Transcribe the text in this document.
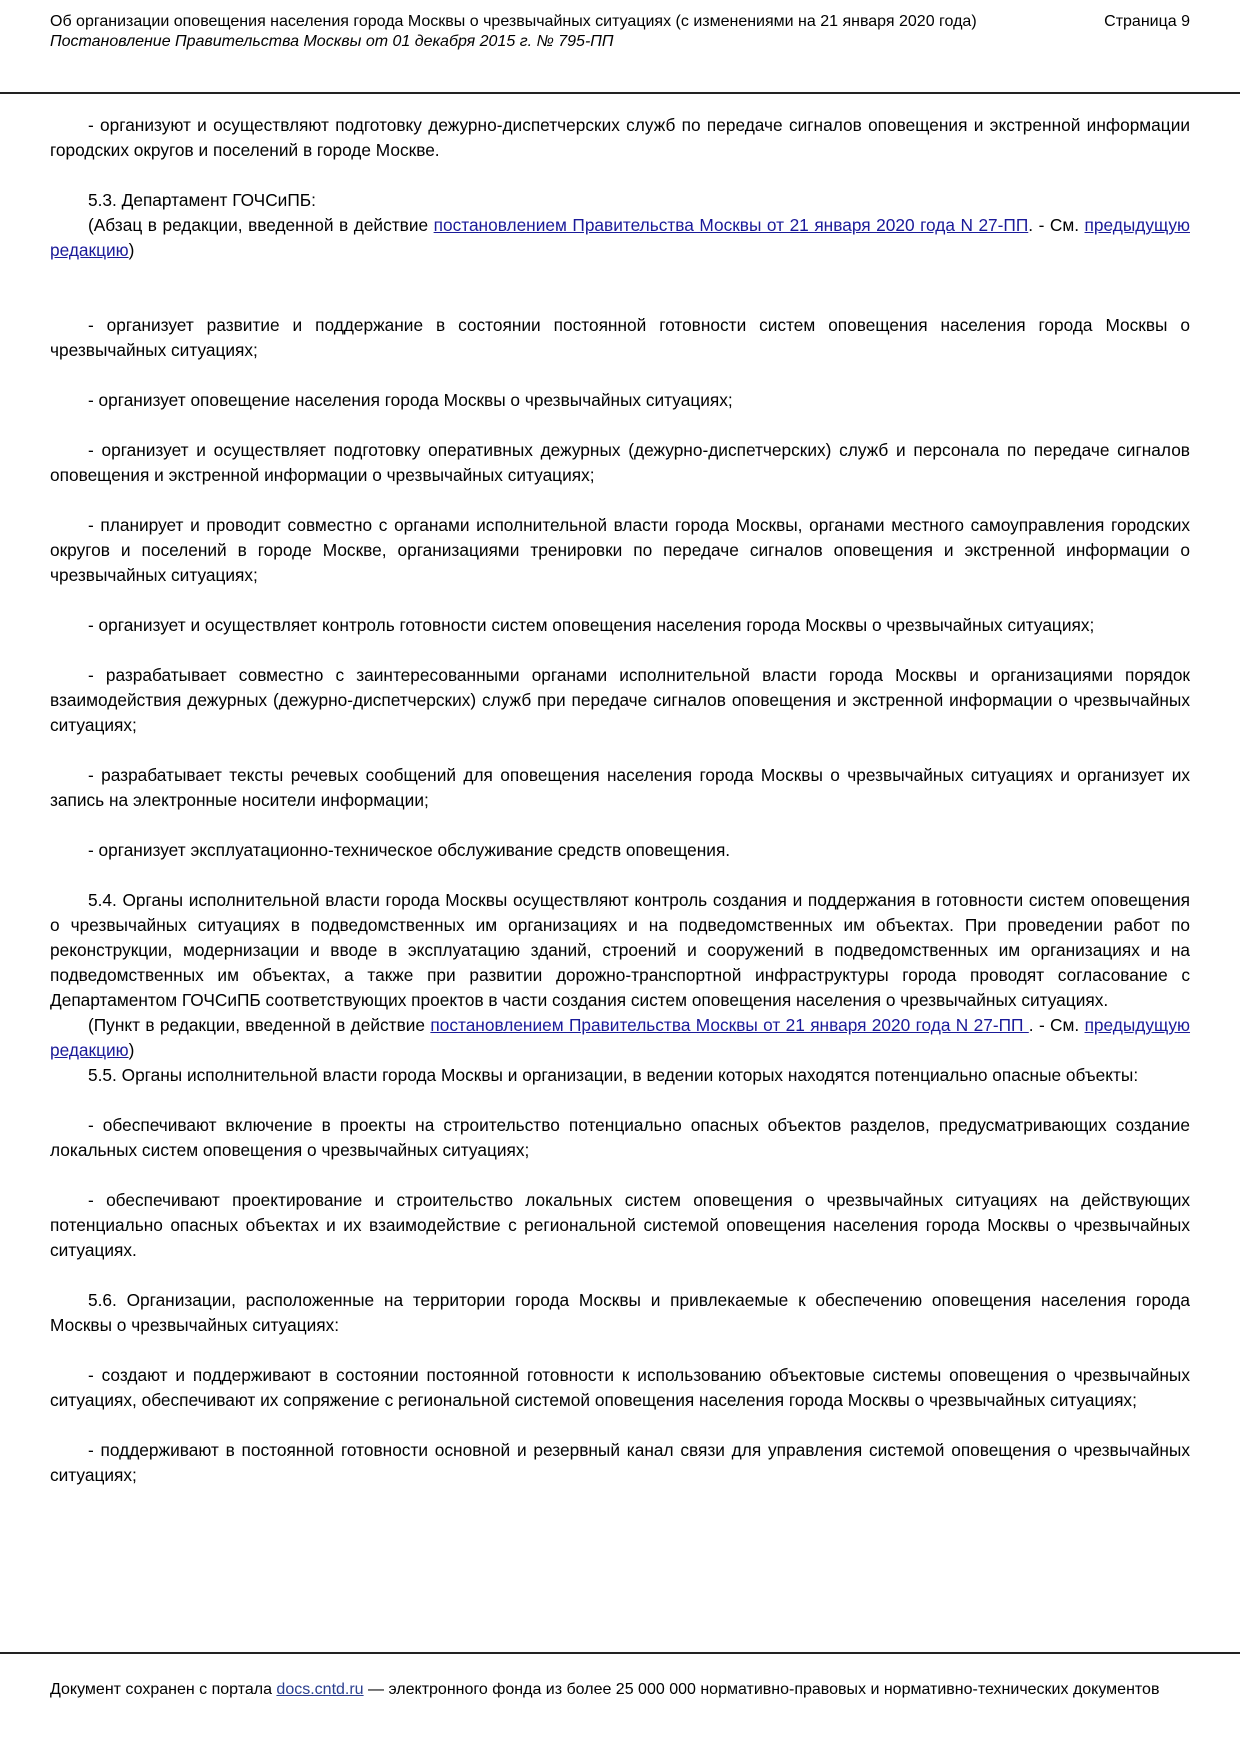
Об организации оповещения населения города Москвы о чрезвычайных ситуациях (с изменениями на 21 января 2020 года)	Страница 9
Постановление Правительства Москвы от 01 декабря 2015 г. № 795-ПП

- организуют и осуществляют подготовку дежурно-диспетчерских служб по передаче сигналов оповещения и экстренной информации городских округов и поселений в городе Москве.

5.3. Департамент ГОЧСиПБ:

(Абзац в редакции, введенной в действие постановлением Правительства Москвы от 21 января 2020 года N 27-ПП. - См. предыдущую редакцию)

- организует развитие и поддержание в состоянии постоянной готовности систем оповещения населения города Москвы о чрезвычайных ситуациях;

- организует оповещение населения города Москвы о чрезвычайных ситуациях;

- организует и осуществляет подготовку оперативных дежурных (дежурно-диспетчерских) служб и персонала по передаче сигналов оповещения и экстренной информации о чрезвычайных ситуациях;

- планирует и проводит совместно с органами исполнительной власти города Москвы, органами местного самоуправления городских округов и поселений в городе Москве, организациями тренировки по передаче сигналов оповещения и экстренной информации о чрезвычайных ситуациях;

- организует и осуществляет контроль готовности систем оповещения населения города Москвы о чрезвычайных ситуациях;

- разрабатывает совместно с заинтересованными органами исполнительной власти города Москвы и организациями порядок взаимодействия дежурных (дежурно-диспетчерских) служб при передаче сигналов оповещения и экстренной информации о чрезвычайных ситуациях;

- разрабатывает тексты речевых сообщений для оповещения населения города Москвы о чрезвычайных ситуациях и организует их запись на электронные носители информации;

- организует эксплуатационно-техническое обслуживание средств оповещения.

5.4. Органы исполнительной власти города Москвы осуществляют контроль создания и поддержания в готовности систем оповещения о чрезвычайных ситуациях в подведомственных им организациях и на подведомственных им объектах. При проведении работ по реконструкции, модернизации и вводе в эксплуатацию зданий, строений и сооружений в подведомственных им организациях и на подведомственных им объектах, а также при развитии дорожно-транспортной инфраструктуры города проводят согласование с Департаментом ГОЧСиПБ соответствующих проектов в части создания систем оповещения населения о чрезвычайных ситуациях.

(Пункт в редакции, введенной в действие постановлением Правительства Москвы от 21 января 2020 года N 27-ПП . - См. предыдущую редакцию)

5.5. Органы исполнительной власти города Москвы и организации, в ведении которых находятся потенциально опасные объекты:

- обеспечивают включение в проекты на строительство потенциально опасных объектов разделов, предусматривающих создание локальных систем оповещения о чрезвычайных ситуациях;

- обеспечивают проектирование и строительство локальных систем оповещения о чрезвычайных ситуациях на действующих потенциально опасных объектах и их взаимодействие с региональной системой оповещения населения города Москвы о чрезвычайных ситуациях.

5.6. Организации, расположенные на территории города Москвы и привлекаемые к обеспечению оповещения населения города Москвы о чрезвычайных ситуациях:

- создают и поддерживают в состоянии постоянной готовности к использованию объектовые системы оповещения о чрезвычайных ситуациях, обеспечивают их сопряжение с региональной системой оповещения населения города Москвы о чрезвычайных ситуациях;

- поддерживают в постоянной готовности основной и резервный канал связи для управления системой оповещения о чрезвычайных ситуациях;

Документ сохранен с портала docs.cntd.ru — электронного фонда из более 25 000 000 нормативно-правовых и нормативно-технических документов
